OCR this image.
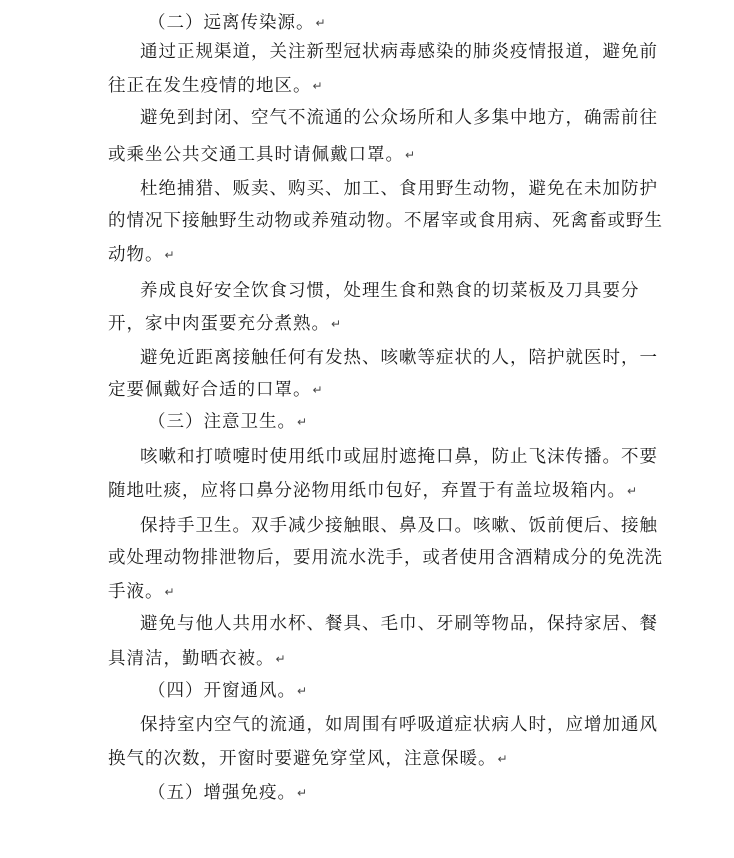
（二）远离传染源。↵
通过正规渠道，关注新型冠状病毒感染的肺炎疫情报道，避免前
往正在发生疫情的地区。↵
避免到封闭、空气不流通的公众场所和人多集中地方，确需前往
或乘坐公共交通工具时请佩戴口罩。↵
杜绝捕猎、贩卖、购买、加工、食用野生动物，避免在未加防护
的情况下接触野生动物或养殖动物。不屠宰或食用病、死禽畜或野生
动物。↵
养成良好安全饮食习惯，处理生食和熟食的切菜板及刀具要分
开，家中肉蛋要充分煮熟。↵
避免近距离接触任何有发热、咳嗽等症状的人，陪护就医时，一
定要佩戴好合适的口罩。↵
（三）注意卫生。↵
咳嗽和打喷嚏时使用纸巾或屈肘遮掩口鼻，防止飞沫传播。不要
随地吐痰，应将口鼻分泌物用纸巾包好，弃置于有盖垃圾箱内。↵
保持手卫生。双手减少接触眼、鼻及口。咳嗽、饭前便后、接触
或处理动物排泄物后，要用流水洗手，或者使用含酒精成分的免洗洗
手液。↵
避免与他人共用水杯、餐具、毛巾、牙刷等物品，保持家居、餐
具清洁，勤晒衣被。↵
（四）开窗通风。↵
保持室内空气的流通，如周围有呼吸道症状病人时，应增加通风
换气的次数，开窗时要避免穿堂风，注意保暖。↵
（五）增强免疫。↵
